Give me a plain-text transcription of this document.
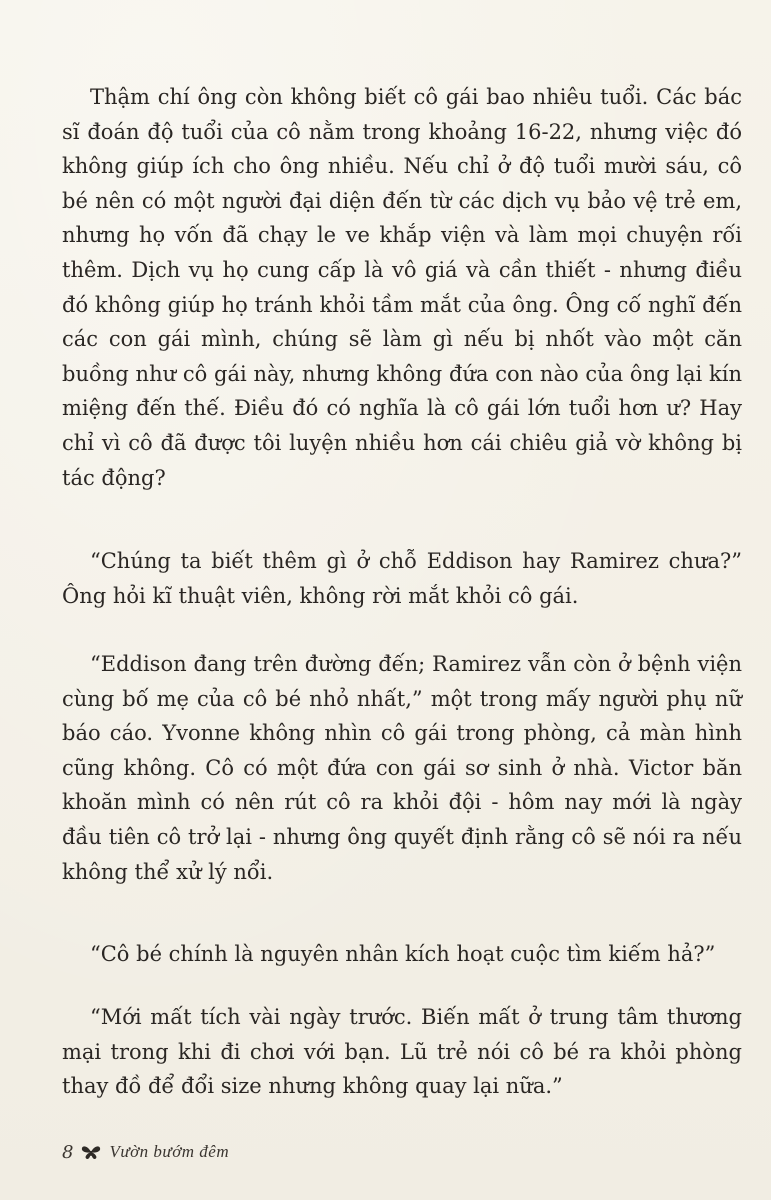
Thậm chí ông còn không biết cô gái bao nhiêu tuổi. Các bác sĩ đoán độ tuổi của cô nằm trong khoảng 16-22, nhưng việc đó không giúp ích cho ông nhiều. Nếu chỉ ở độ tuổi mười sáu, cô bé nên có một người đại diện đến từ các dịch vụ bảo vệ trẻ em, nhưng họ vốn đã chạy le ve khắp viện và làm mọi chuyện rối thêm. Dịch vụ họ cung cấp là vô giá và cần thiết - nhưng điều đó không giúp họ tránh khỏi tầm mắt của ông. Ông cố nghĩ đến các con gái mình, chúng sẽ làm gì nếu bị nhốt vào một căn buồng như cô gái này, nhưng không đứa con nào của ông lại kín miệng đến thế. Điều đó có nghĩa là cô gái lớn tuổi hơn ư? Hay chỉ vì cô đã được tôi luyện nhiều hơn cái chiêu giả vờ không bị tác động?

“Chúng ta biết thêm gì ở chỗ Eddison hay Ramirez chưa?” Ông hỏi kĩ thuật viên, không rời mắt khỏi cô gái.

“Eddison đang trên đường đến; Ramirez vẫn còn ở bệnh viện cùng bố mẹ của cô bé nhỏ nhất,” một trong mấy người phụ nữ báo cáo. Yvonne không nhìn cô gái trong phòng, cả màn hình cũng không. Cô có một đứa con gái sơ sinh ở nhà. Victor băn khoăn mình có nên rút cô ra khỏi đội - hôm nay mới là ngày đầu tiên cô trở lại - nhưng ông quyết định rằng cô sẽ nói ra nếu không thể xử lý nổi.

“Cô bé chính là nguyên nhân kích hoạt cuộc tìm kiếm hả?”

“Mới mất tích vài ngày trước. Biến mất ở trung tâm thương mại trong khi đi chơi với bạn. Lũ trẻ nói cô bé ra khỏi phòng thay đồ để đổi size nhưng không quay lại nữa.”

8 Vườn bướm đêm
